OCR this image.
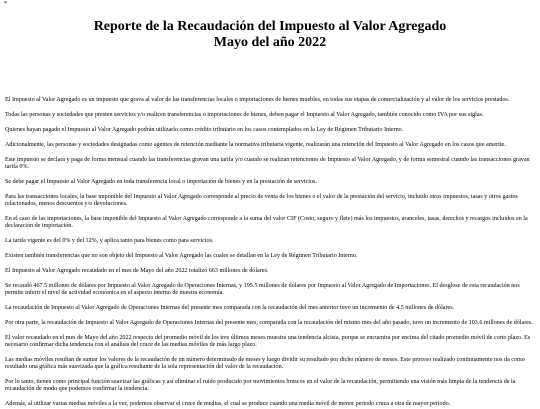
*
Reporte de la Recaudación del Impuesto al Valor Agregado
Mayo del año 2022

El Impuesto al Valor Agregado es un impuesto que grava al valor de las transferencias locales o importaciones de bienes muebles, en todas sus etapas de comercialización y al valor de los servicios prestados.

Todas las personas y sociedades que presten servicios y/o realicen transferencias o importaciones de bienes, deben pagar el Impuesto al Valor Agregado, también conocido como IVA por sus siglas.

Quienes hayan pagado el Impuesto al Valor Agregado podrán utilizarlo como crédito tributario en los casos contemplados en la Ley de Régimen Tributario Interno.

Adicionalmente, las personas y sociedades designadas como agentes de retención mediante la normativa tributaria vigente, realizarán una retención del Impuesto al Valor Agregado en los casos que amerite.

Este impuesto se declara y paga de forma mensual cuando las transferencias gravan una tarifa y/o cuando se realizan retenciones de Impuesto al Valor Agregado, y de forma semestral cuando las transacciones gravan tarifa 0%.

Se debe pagar el Impuesto al Valor Agregado en toda transferencia local o importación de bienes y en la prestación de servicios.

Para las transacciones locales, la base imponible del Impuesto al Valor Agregado corresponde al precio de venta de los bienes o el valor de la prestación del servicio, incluido otros impuestos, tasas y otros gastos relacionados, menos descuentos y/o devoluciones.

En el caso de las importaciones, la base imponible del Impuesto al Valor Agregado corresponde a la suma del valor CIF (Costo, seguro y flete) más los impuestos, aranceles, tasas, derechos y recargos incluidos en la declaración de importación.

La tarifa vigente es del 0% y del 12%, y aplica tanto para bienes como para servicios.

Existen también transferencias que no son objeto del Impuesto al Valor Agregado las cuales se detallan en la Ley de Régimen Tributario Interno.

El Impuesto al Valor Agregado recaudado en el mes de Mayo del año 2022 totalizó 663 millones de dólares.

Se recaudó 467.5 millones de dólares por Impuesto al Valor Agregado de Operaciones Internas, y 195.5 millones de dólares por Impuesto al Valor Agregado de Importaciones. El desglose de esta recaudación nos permite inferir el nivel de actividad económica en el aspecto interno de nuestra economía.

La recaudación de Impuesto al Valor Agregado de Operaciones Internas del presente mes comparada con la recaudación del mes anterior tuvo un incremento de 4.5 millones de dólares.

Por otra parte, la recaudación de Impuesto al Valor Agregado de Operaciones Internas del presente mes, comparada con la recaudación del mismo mes del año pasado, tuvo un incremento de 103.6 millones de dólares.

El valor recaudado en el mes de Mayo del año 2022 respecto del promedio móvil de los tres últimos meses muestra una tendencia alcista, porque se encuentra por encima del citado promedio móvil de corto plazo. Es necesario confirmar dicha tendencia con el análisis del cruce de las medias móviles de más largo plazo.

Las medias móviles resultan de sumar los valores de la recaudación de un número determinado de meses y luego dividir su resultado por dicho número de meses. Este proceso realizado continuamente nos da como resultado una gráfica más suavizada que la gráfica resultante de la sola representación del valor de la recaudación.

Por lo tanto, tienen como principal función suavizar las gráficas y así eliminar el ruido producido por movimientos bruscos en el valor de la recaudación, permitiendo una visión más limpia de la tendencia de la recaudación de modo que podemos confirmar la tendencia.

Además, al utilizar varias medias móviles a la vez, podemos observar el cruce de medias, el cual se produce cuando una media móvil de menor periodo cruza a otra de mayor periodo.
